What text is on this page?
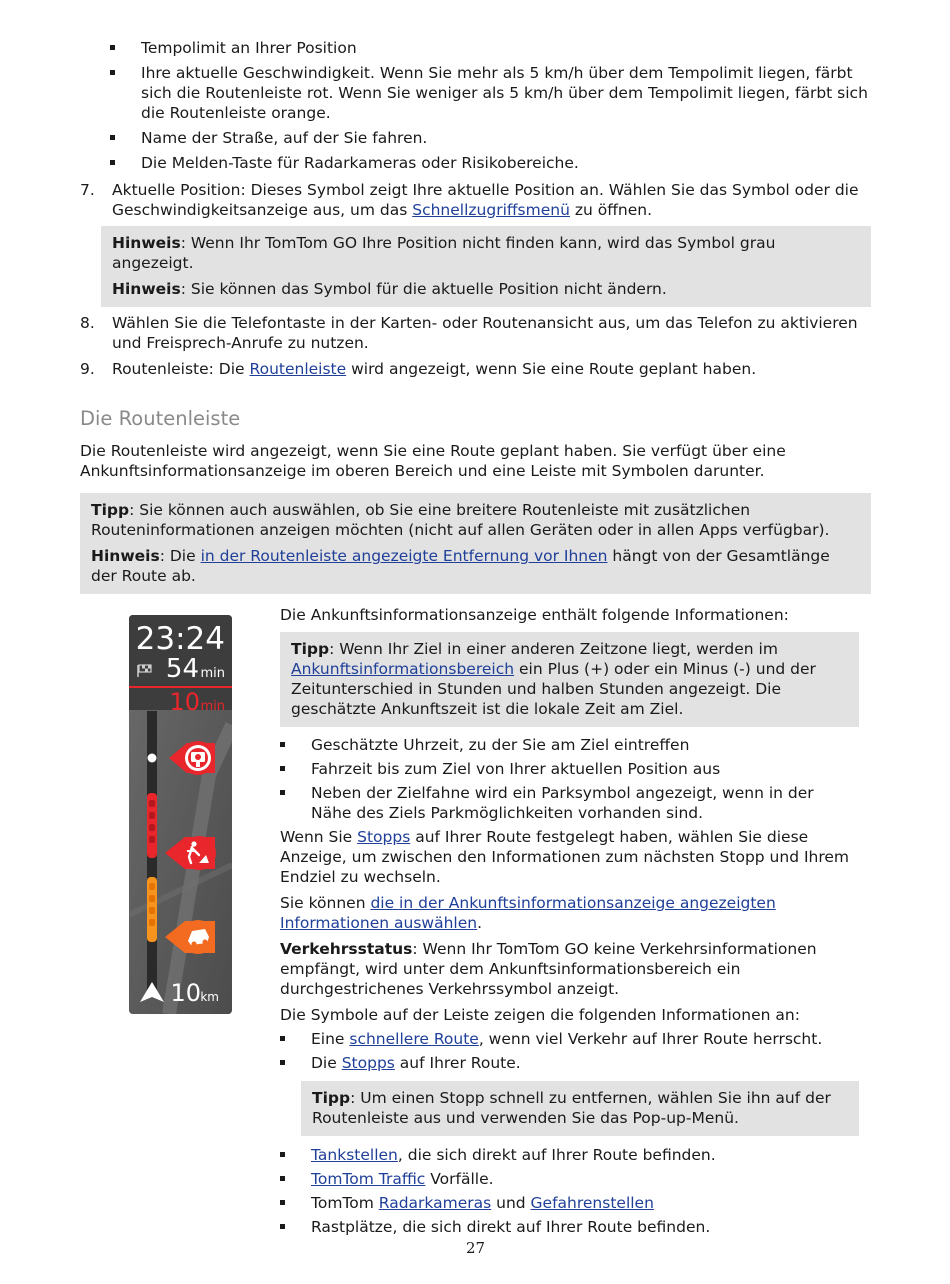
Tempolimit an Ihrer Position
Ihre aktuelle Geschwindigkeit. Wenn Sie mehr als 5 km/h über dem Tempolimit liegen, färbt sich die Routenleiste rot. Wenn Sie weniger als 5 km/h über dem Tempolimit liegen, färbt sich die Routenleiste orange.
Name der Straße, auf der Sie fahren.
Die Melden-Taste für Radarkameras oder Risikobereiche.
7. Aktuelle Position: Dieses Symbol zeigt Ihre aktuelle Position an. Wählen Sie das Symbol oder die Geschwindigkeitsanzeige aus, um das Schnellzugriffsmenü zu öffnen.

Hinweis: Wenn Ihr TomTom GO Ihre Position nicht finden kann, wird das Symbol grau angezeigt.

Hinweis: Sie können das Symbol für die aktuelle Position nicht ändern.

8. Wählen Sie die Telefontaste in der Karten- oder Routenansicht aus, um das Telefon zu aktivieren und Freisprech-Anrufe zu nutzen.
9. Routenleiste: Die Routenleiste wird angezeigt, wenn Sie eine Route geplant haben.
Die Routenleiste
Die Routenleiste wird angezeigt, wenn Sie eine Route geplant haben. Sie verfügt über eine Ankunftsinformationsanzeige im oberen Bereich und eine Leiste mit Symbolen darunter.

Tipp: Sie können auch auswählen, ob Sie eine breitere Routenleiste mit zusätzlichen Routeninformationen anzeigen möchten (nicht auf allen Geräten oder in allen Apps verfügbar).

Hinweis: Die in der Routenleiste angezeigte Entfernung vor Ihnen hängt von der Gesamtlänge der Route ab.

23:24
54 min
10 min
10 km

Die Ankunftsinformationsanzeige enthält folgende Informationen:

Tipp: Wenn Ihr Ziel in einer anderen Zeitzone liegt, werden im Ankunftsinformationsbereich ein Plus (+) oder ein Minus (-) und der Zeitunterschied in Stunden und halben Stunden angezeigt. Die geschätzte Ankunftszeit ist die lokale Zeit am Ziel.

Geschätzte Uhrzeit, zu der Sie am Ziel eintreffen
Fahrzeit bis zum Ziel von Ihrer aktuellen Position aus
Neben der Zielfahne wird ein Parksymbol angezeigt, wenn in der Nähe des Ziels Parkmöglichkeiten vorhanden sind.

Wenn Sie Stopps auf Ihrer Route festgelegt haben, wählen Sie diese Anzeige, um zwischen den Informationen zum nächsten Stopp und Ihrem Endziel zu wechseln.

Sie können die in der Ankunftsinformationsanzeige angezeigten Informationen auswählen.

Verkehrsstatus: Wenn Ihr TomTom GO keine Verkehrsinformationen empfängt, wird unter dem Ankunftsinformationsbereich ein durchgestrichenes Verkehrssymbol anzeigt.

Die Symbole auf der Leiste zeigen die folgenden Informationen an:

Eine schnellere Route, wenn viel Verkehr auf Ihrer Route herrscht.
Die Stopps auf Ihrer Route.

Tipp: Um einen Stopp schnell zu entfernen, wählen Sie ihn auf der Routenleiste aus und verwenden Sie das Pop-up-Menü.

Tankstellen, die sich direkt auf Ihrer Route befinden.
TomTom Traffic Vorfälle.
TomTom Radarkameras und Gefahrenstellen
Rastplätze, die sich direkt auf Ihrer Route befinden.
27
